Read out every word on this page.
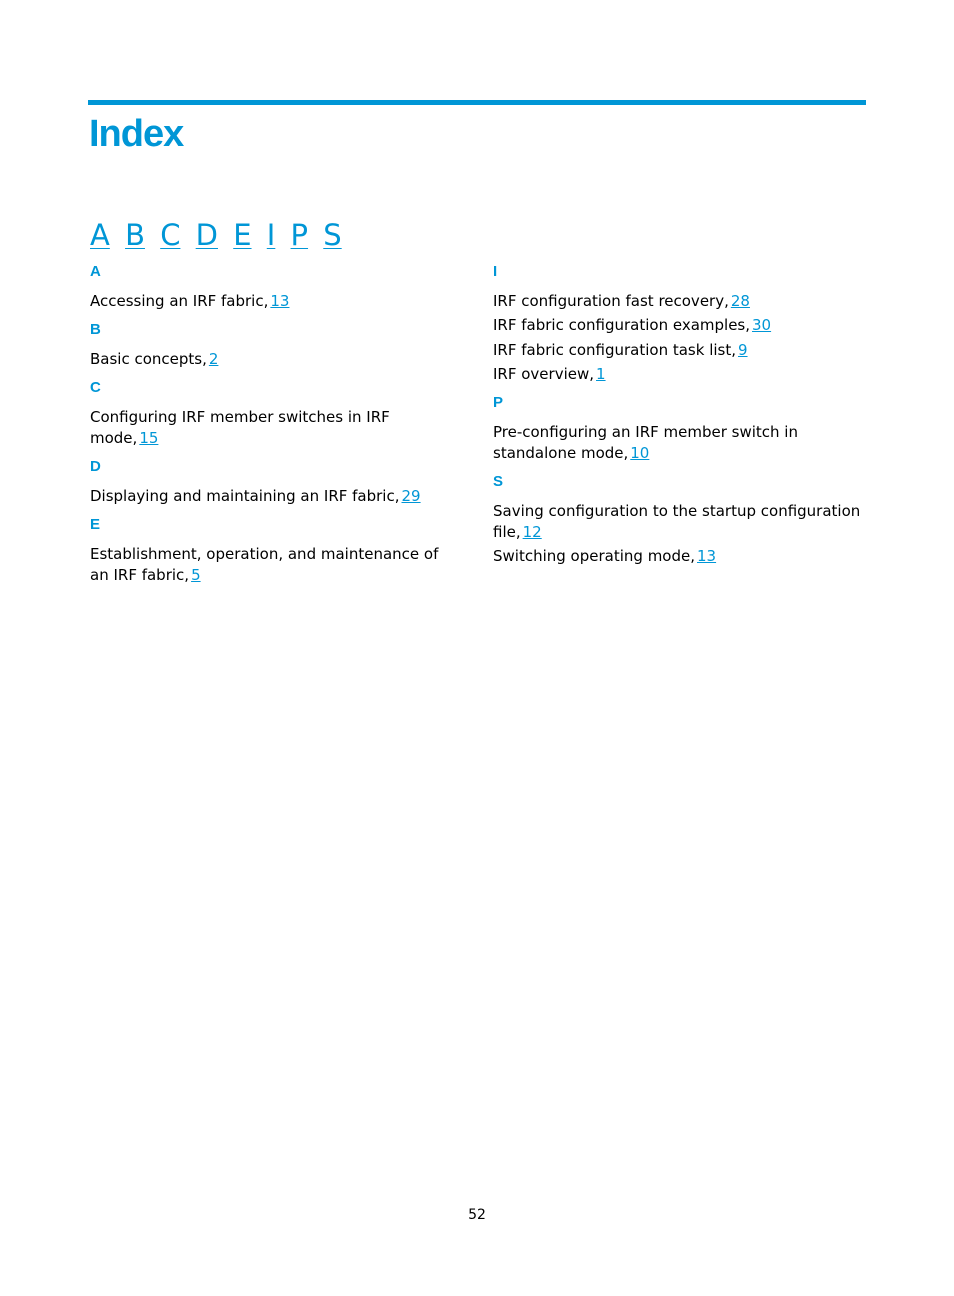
Index
A B C D E I P S
A
Accessing an IRF fabric, 13
B
Basic concepts, 2
C
Configuring IRF member switches in IRF mode, 15
D
Displaying and maintaining an IRF fabric, 29
E
Establishment, operation, and maintenance of an IRF fabric, 5
I
IRF configuration fast recovery, 28
IRF fabric configuration examples, 30
IRF fabric configuration task list, 9
IRF overview, 1
P
Pre-configuring an IRF member switch in standalone mode, 10
S
Saving configuration to the startup configuration file, 12
Switching operating mode, 13
52
